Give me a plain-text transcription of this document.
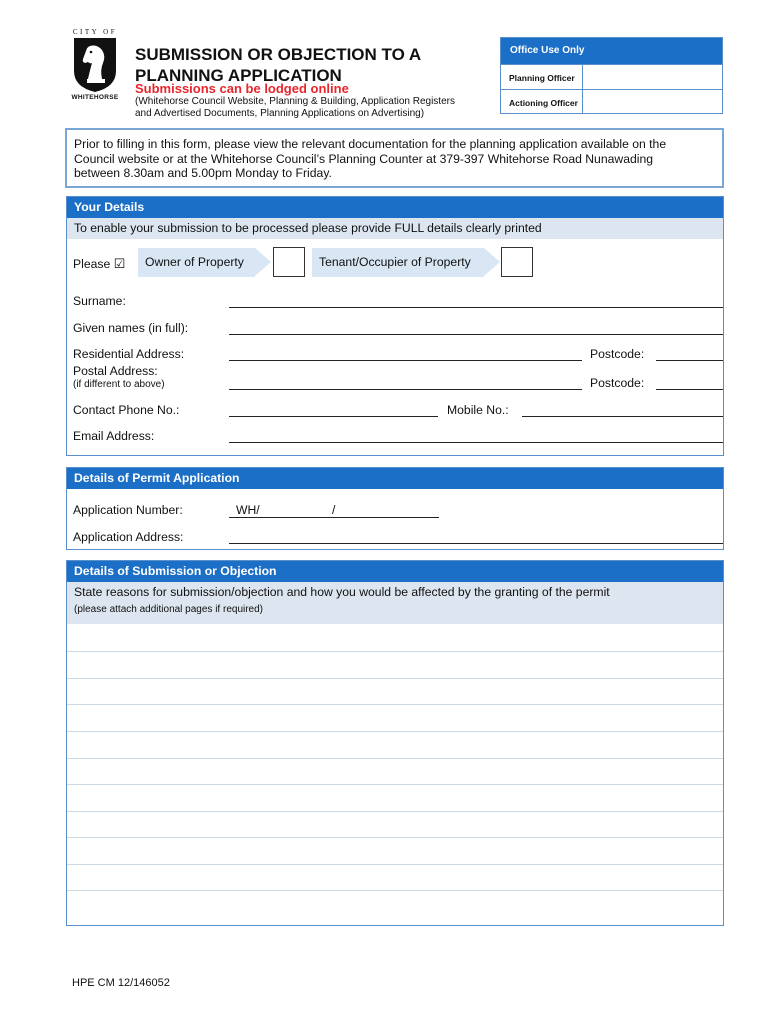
CITY OF
WHITEHORSE
SUBMISSION OR OBJECTION TO A
PLANNING APPLICATION
Submissions can be lodged online
(Whitehorse Council Website, Planning & Building, Application Registers
and Advertised Documents, Planning Applications on Advertising)
Office Use Only
Planning Officer
Actioning Officer
Prior to filling in this form, please view the relevant documentation for the planning application available on the
Council website or at the Whitehorse Council’s Planning Counter at 379-397 Whitehorse Road Nunawading
between 8.30am and 5.00pm Monday to Friday.
Your Details
To enable your submission to be processed please provide FULL details clearly printed
Please ☑	Owner of Property	Tenant/Occupier of Property
Surname:
Given names (in full):
Residential Address:	Postcode:
Postal Address:
(if different to above)	Postcode:
Contact Phone No.:	Mobile No.:
Email Address:
Details of Permit Application
Application Number:	WH/	/
Application Address:
Details of Submission or Objection
State reasons for submission/objection and how you would be affected by the granting of the permit
(please attach additional pages if required)
HPE CM 12/146052
